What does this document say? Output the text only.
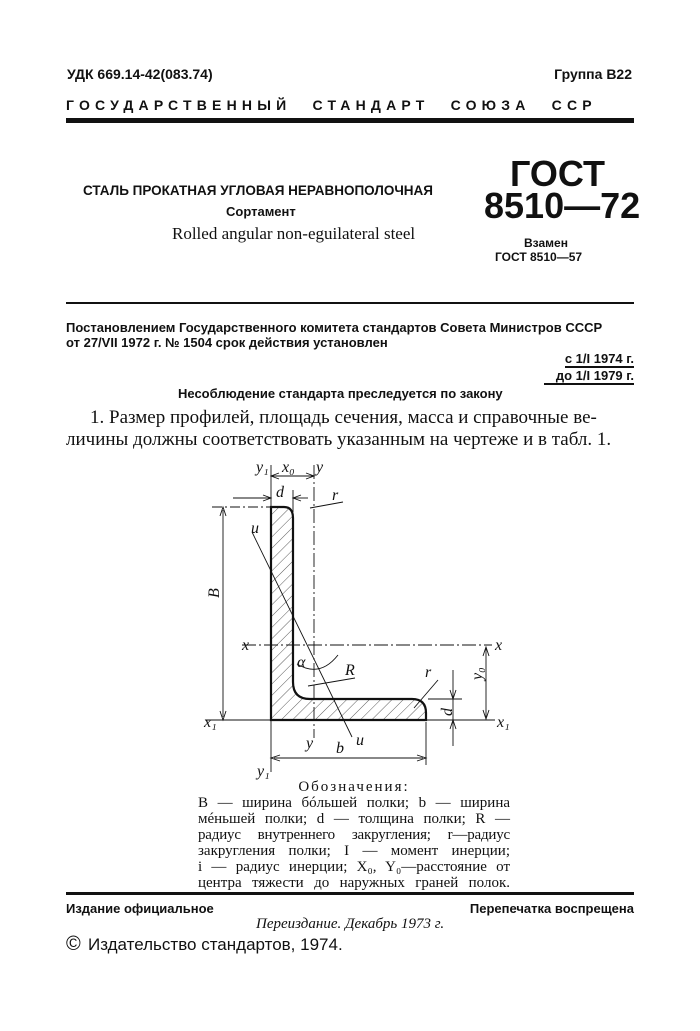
УДК 669.14-42(083.74)	Группа В22
ГОСУДАРСТВЕННЫЙ СТАНДАРТ СОЮЗА ССР
СТАЛЬ ПРОКАТНАЯ УГЛОВАЯ НЕРАВНОПОЛОЧНАЯ
Сортамент
Rolled angular non-eguilateral steel
ГОСТ
8510—72
Взамен
ГОСТ 8510—57
Постановлением Государственного комитета стандартов Совета Министров СССР
от 27/VII 1972 г. № 1504 срок действия установлен
с 1/I 1974 г.
до 1/I 1979 г.
Несоблюдение стандарта преследуется по закону
1. Размер профилей, площадь сечения, масса и справочные ве-
личины должны соответствовать указанным на чертеже и в табл. 1.
y₁ x₀ y
d	r
u
B
x	x
α R	r y₀
d
x₁	x₁
y	u
b
y₁
Обозначения:
B — ширина бóльшей полки; b — ширина
мéньшей полки; d — толщина полки; R —
радиус внутреннего закругления; r—радиус
закругления полки; I — момент инерции;
i — радиус инерции; X₀, Y₀—расстояние от
центра тяжести до наружных граней полок.
Издание официальное	Перепечатка воспрещена
Переиздание. Декабрь 1973 г.
© Издательство стандартов, 1974.
